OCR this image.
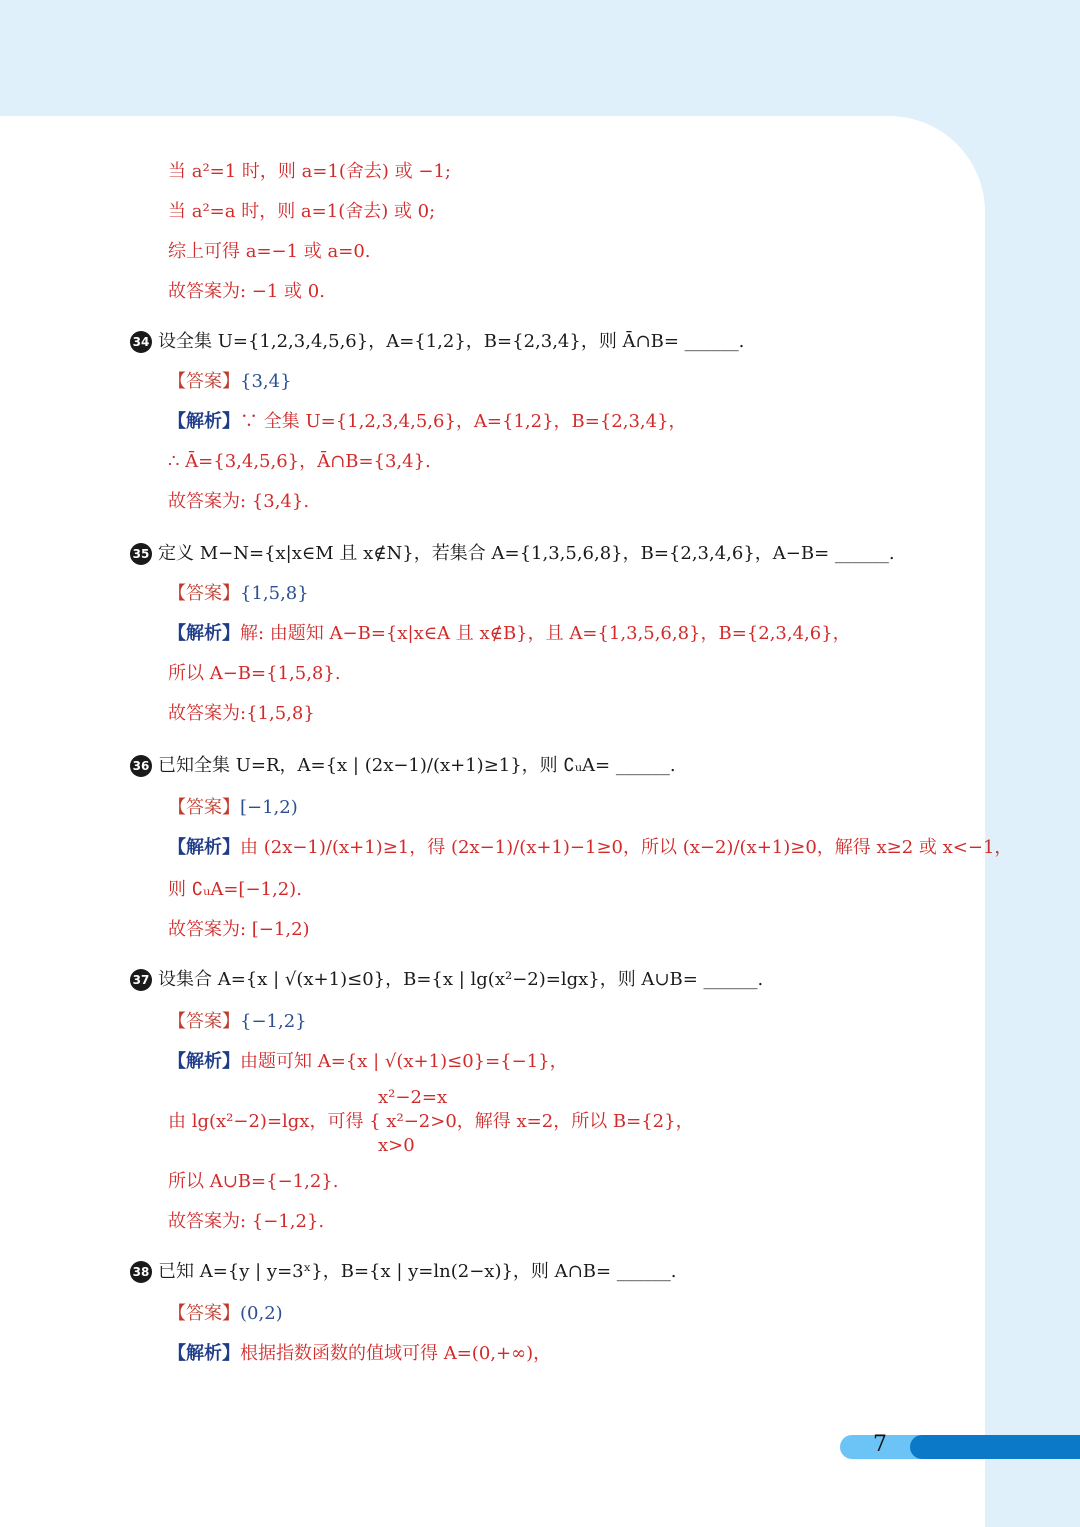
当 a²=1 时，则 a=1(舍去) 或 −1;
当 a²=a 时，则 a=1(舍去) 或 0;
综上可得 a=−1 或 a=0.
故答案为: −1 或 0.
34 设全集 U={1,2,3,4,5,6}，A={1,2}，B={2,3,4}，则 Ā∩B= ______.
【答案】{3,4}
【解析】∵ 全集 U={1,2,3,4,5,6}，A={1,2}，B={2,3,4}，
∴ Ā={3,4,5,6}，Ā∩B={3,4}.
故答案为: {3,4}.
35 定义 M−N={x|x∈M 且 x∉N}，若集合 A={1,3,5,6,8}，B={2,3,4,6}，A−B= ______.
【答案】{1,5,8}
【解析】解: 由题知 A−B={x|x∈A 且 x∉B}，且 A={1,3,5,6,8}，B={2,3,4,6}，
所以 A−B={1,5,8}.
故答案为:{1,5,8}
36 已知全集 U=R，A={x | (2x−1)/(x+1)≥1}，则 ∁ᵤA= ______.
【答案】[−1,2)
【解析】由 (2x−1)/(x+1)≥1，得 (2x−1)/(x+1)−1≥0，所以 (x−2)/(x+1)≥0，解得 x≥2 或 x<−1，
则 ∁ᵤA=[−1,2).
故答案为: [−1,2)
37 设集合 A={x | √(x+1)≤0}，B={x | lg(x²−2)=lgx}，则 A∪B= ______.
【答案】{−1,2}
【解析】由题可知 A={x | √(x+1)≤0}={−1}，
x²−2=x
由 lg(x²−2)=lgx，可得 { x²−2>0，解得 x=2，所以 B={2}，
x>0
所以 A∪B={−1,2}.
故答案为: {−1,2}.
38 已知 A={y | y=3ˣ}，B={x | y=ln(2−x)}，则 A∩B= ______.
【答案】(0,2)
【解析】根据指数函数的值域可得 A=(0,+∞)，
7
